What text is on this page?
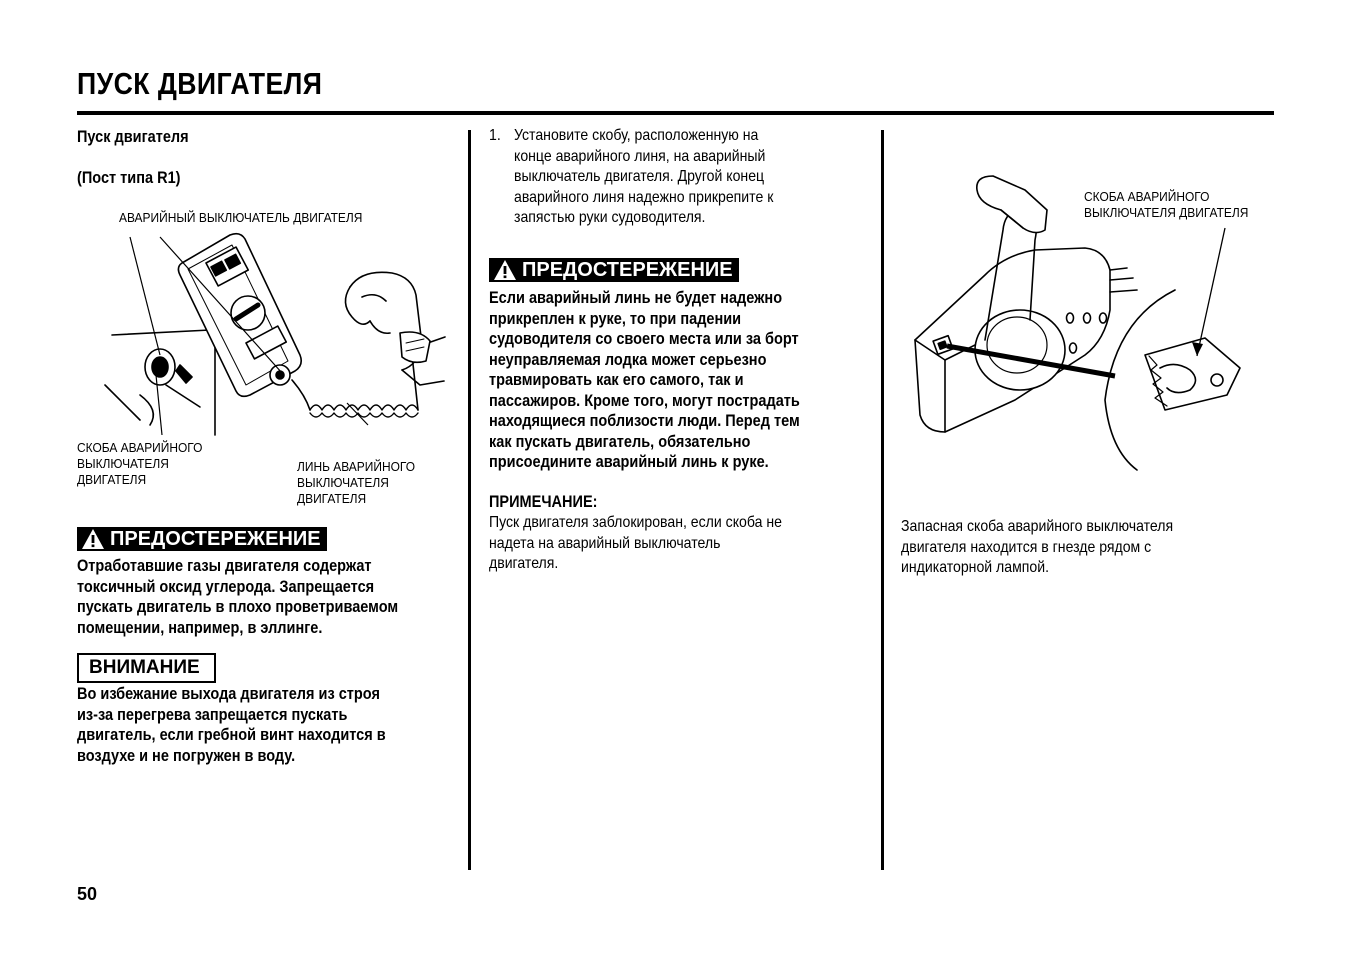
ПУСК ДВИГАТЕЛЯ
Пуск двигателя
(Пост типа R1)
АВАРИЙНЫЙ ВЫКЛЮЧАТЕЛЬ ДВИГАТЕЛЯ
СКОБА АВАРИЙНОГО
ВЫКЛЮЧАТЕЛЯ
ДВИГАТЕЛЯ
ЛИНЬ АВАРИЙНОГО
ВЫКЛЮЧАТЕЛЯ
ДВИГАТЕЛЯ
ПРЕДОСТЕРЕЖЕНИЕ
Отработавшие газы двигателя содержат
токсичный оксид углерода. Запрещается
пускать двигатель в плохо проветриваемом
помещении, например, в эллинге.
ВНИМАНИЕ
Во избежание выхода двигателя из строя
из-за перегрева запрещается пускать
двигатель, если гребной винт находится в
воздухе и не погружен в воду.
50
1. Установите скобу, расположенную на
конце аварийного линя, на аварийный
выключатель двигателя. Другой конец
аварийного линя надежно прикрепите к
запястью руки судоводителя.
ПРЕДОСТЕРЕЖЕНИЕ
Если аварийный линь не будет надежно
прикреплен к руке, то при падении
судоводителя со своего места или за борт
неуправляемая лодка может серьезно
травмировать как его самого, так и
пассажиров. Кроме того, могут пострадать
находящиеся поблизости люди. Перед тем
как пускать двигатель, обязательно
присоедините аварийный линь к руке.
ПРИМЕЧАНИЕ:
Пуск двигателя заблокирован, если скоба не
надета на аварийный выключатель
двигателя.
СКОБА АВАРИЙНОГО
ВЫКЛЮЧАТЕЛЯ ДВИГАТЕЛЯ
Запасная скоба аварийного выключателя
двигателя находится в гнезде рядом с
индикаторной лампой.
